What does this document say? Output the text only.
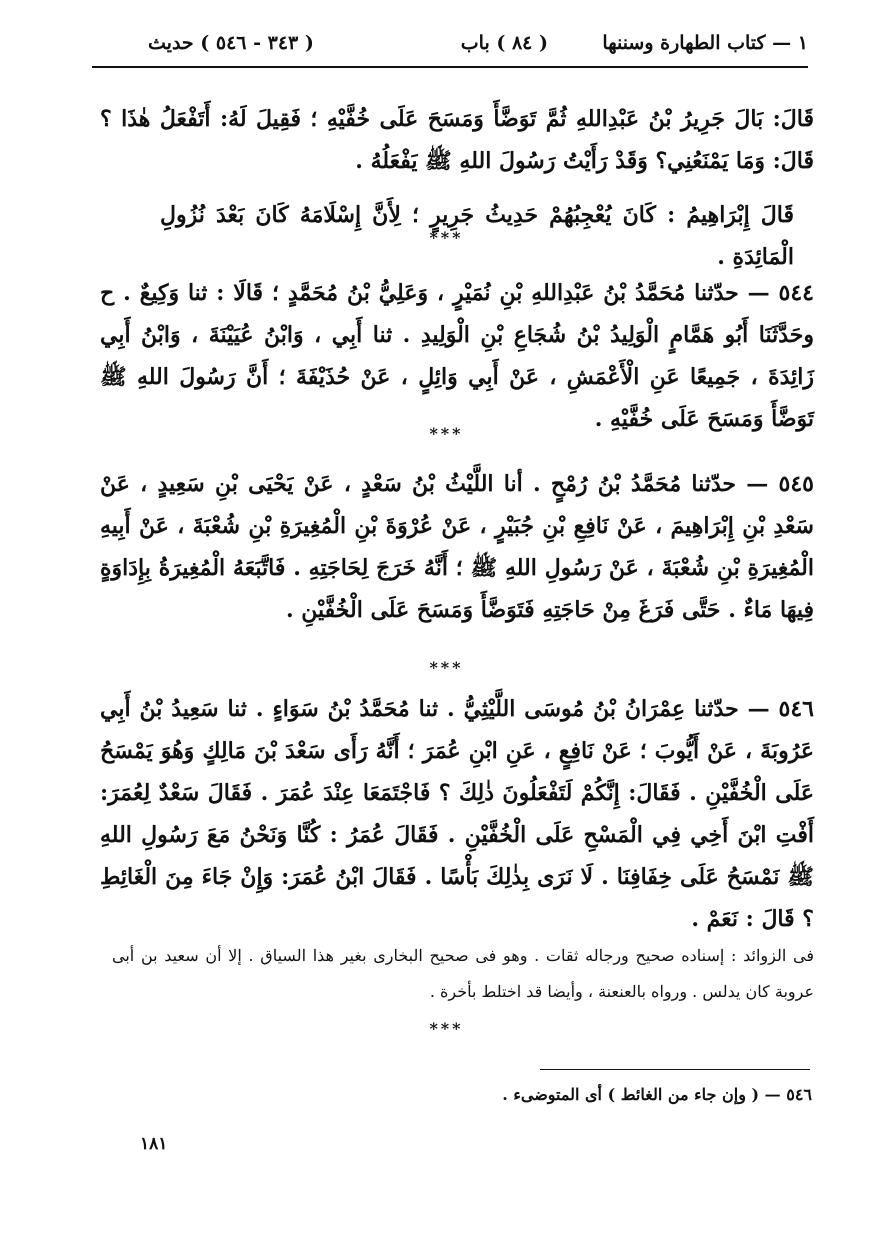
١ — كتاب الطهارة وسننها
( ٨٤ ) باب
( ٣٤٣ - ٥٤٦ ) حديث
قَالَ: بَالَ جَرِيرُ بْنُ عَبْدِاللهِ ثُمَّ تَوَضَّأَ وَمَسَحَ عَلَى خُفَّيْهِ ؛ فَقِيلَ لَهُ: أَتَفْعَلُ هٰذَا ؟ قَالَ: وَمَا يَمْنَعُنِي؟ وَقَدْ رَأَيْتُ رَسُولَ اللهِ ﷺ يَفْعَلُهُ .
قَالَ إِبْرَاهِيمُ : كَانَ يُعْجِبُهُمْ حَدِيثُ جَرِيرٍ ؛ لِأَنَّ إِسْلَامَهُ كَانَ بَعْدَ نُزُولِ الْمَائِدَةِ .
***
٥٤٤ — حدّثنا مُحَمَّدُ بْنُ عَبْدِاللهِ بْنِ نُمَيْرٍ ، وَعَلِيُّ بْنُ مُحَمَّدٍ ؛ قَالَا : ثنا وَكِيعٌ . ح وحَدَّثَنَا أَبُو هَمَّامٍ الْوَلِيدُ بْنُ شُجَاعِ بْنِ الْوَلِيدِ . ثنا أَبِي ، وَابْنُ عُيَيْنَةَ ، وَابْنُ أَبِي زَائِدَةَ ، جَمِيعًا عَنِ الْأَعْمَشِ ، عَنْ أَبِي وَائِلٍ ، عَنْ حُذَيْفَةَ ؛ أَنَّ رَسُولَ اللهِ ﷺ تَوَضَّأَ وَمَسَحَ عَلَى خُفَّيْهِ .
***
٥٤٥ — حدّثنا مُحَمَّدُ بْنُ رُمْحٍ . أنا اللَّيْثُ بْنُ سَعْدٍ ، عَنْ يَحْيَى بْنِ سَعِيدٍ ، عَنْ سَعْدِ بْنِ إِبْرَاهِيمَ ، عَنْ نَافِعِ بْنِ جُبَيْرٍ ، عَنْ عُرْوَةَ بْنِ الْمُغِيرَةِ بْنِ شُعْبَةَ ، عَنْ أَبِيهِ الْمُغِيرَةِ بْنِ شُعْبَةَ ، عَنْ رَسُولِ اللهِ ﷺ ؛ أَنَّهُ خَرَجَ لِحَاجَتِهِ . فَاتَّبَعَهُ الْمُغِيرَةُ بِإِدَاوَةٍ فِيهَا مَاءٌ . حَتَّى فَرَغَ مِنْ حَاجَتِهِ فَتَوَضَّأَ وَمَسَحَ عَلَى الْخُفَّيْنِ .
***
٥٤٦ — حدّثنا عِمْرَانُ بْنُ مُوسَى اللَّيْثِيُّ . ثنا مُحَمَّدُ بْنُ سَوَاءٍ . ثنا سَعِيدُ بْنُ أَبِي عَرُوبَةَ ، عَنْ أَيُّوبَ ؛ عَنْ نَافِعٍ ، عَنِ ابْنِ عُمَرَ ؛ أَنَّهُ رَأَى سَعْدَ بْنَ مَالِكٍ وَهُوَ يَمْسَحُ عَلَى الْخُفَّيْنِ . فَقَالَ: إِنَّكُمْ لَتَفْعَلُونَ ذٰلِكَ ؟ فَاجْتَمَعَا عِنْدَ عُمَرَ . فَقَالَ سَعْدٌ لِعُمَرَ: أَفْتِ ابْنَ أَخِي فِي الْمَسْحِ عَلَى الْخُفَّيْنِ . فَقَالَ عُمَرُ : كُنَّا وَنَحْنُ مَعَ رَسُولِ اللهِ ﷺ نَمْسَحُ عَلَى خِفَافِنَا . لَا نَرَى بِذٰلِكَ بَأْسًا . فَقَالَ ابْنُ عُمَرَ: وَإِنْ جَاءَ مِنَ الْغَائِطِ ؟ قَالَ : نَعَمْ .
فى الزوائد : إسناده صحيح ورجاله ثقات . وهو فى صحيح البخارى بغير هذا السياق . إلا أن سعيد بن أبى عروبة كان يدلس . ورواه بالعنعنة ، وأيضا قد اختلط بأخرة .
***
٥٤٦ — ( وإن جاء من الغائط ) أى المتوضىء .
١٨١
